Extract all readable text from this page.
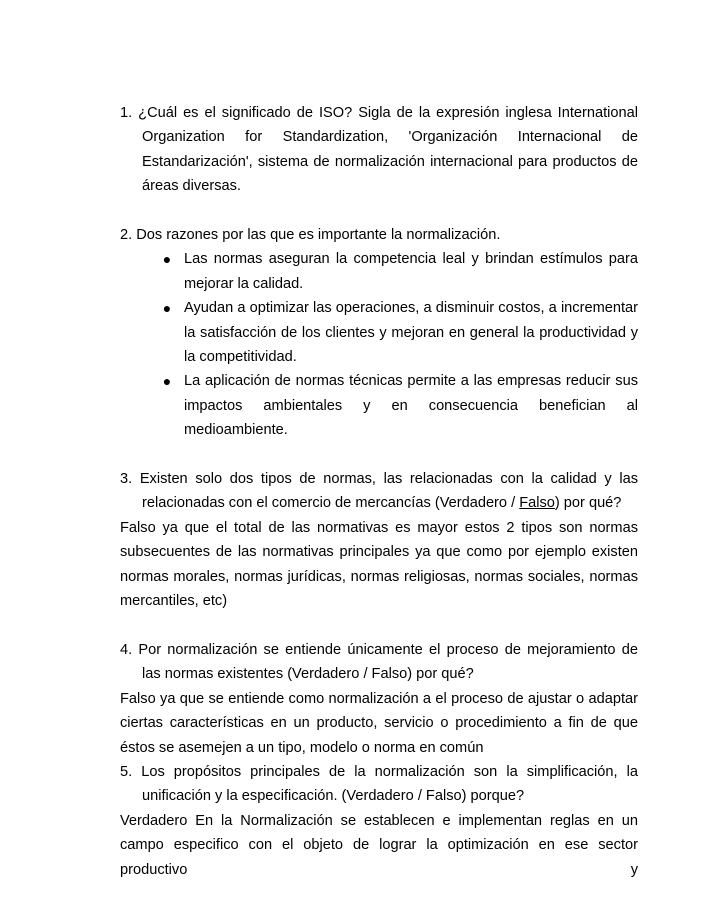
1. ¿Cuál es el significado de ISO? Sigla de la expresión inglesa International Organization for Standardization, 'Organización Internacional de Estandarización', sistema de normalización internacional para productos de áreas diversas.

2. Dos razones por las que es importante la normalización.

● Las normas aseguran la competencia leal y brindan estímulos para mejorar la calidad.
● Ayudan a optimizar las operaciones, a disminuir costos, a incrementar la satisfacción de los clientes y mejoran en general la productividad y la competitividad.
● La aplicación de normas técnicas permite a las empresas reducir sus impactos ambientales y en consecuencia benefician al medioambiente.

3. Existen solo dos tipos de normas, las relacionadas con la calidad y las relacionadas con el comercio de mercancías (Verdadero / Falso) por qué?

Falso ya que el total de las normativas es mayor estos 2 tipos son normas subsecuentes de las normativas principales ya que como por ejemplo existen normas morales, normas jurídicas, normas religiosas, normas sociales, normas mercantiles, etc)

4. Por normalización se entiende únicamente el proceso de mejoramiento de las normas existentes (Verdadero / Falso) por qué?

Falso ya que se entiende como normalización a el proceso de ajustar o adaptar ciertas características en un producto, servicio o procedimiento a fin de que éstos se asemejen a un tipo, modelo o norma en común

5. Los propósitos principales de la normalización son la simplificación, la unificación y la especificación. (Verdadero / Falso) porque?

Verdadero En la Normalización se establecen e implementan reglas en un campo especifico con el objeto de lograr la optimización en ese sector productivo y
